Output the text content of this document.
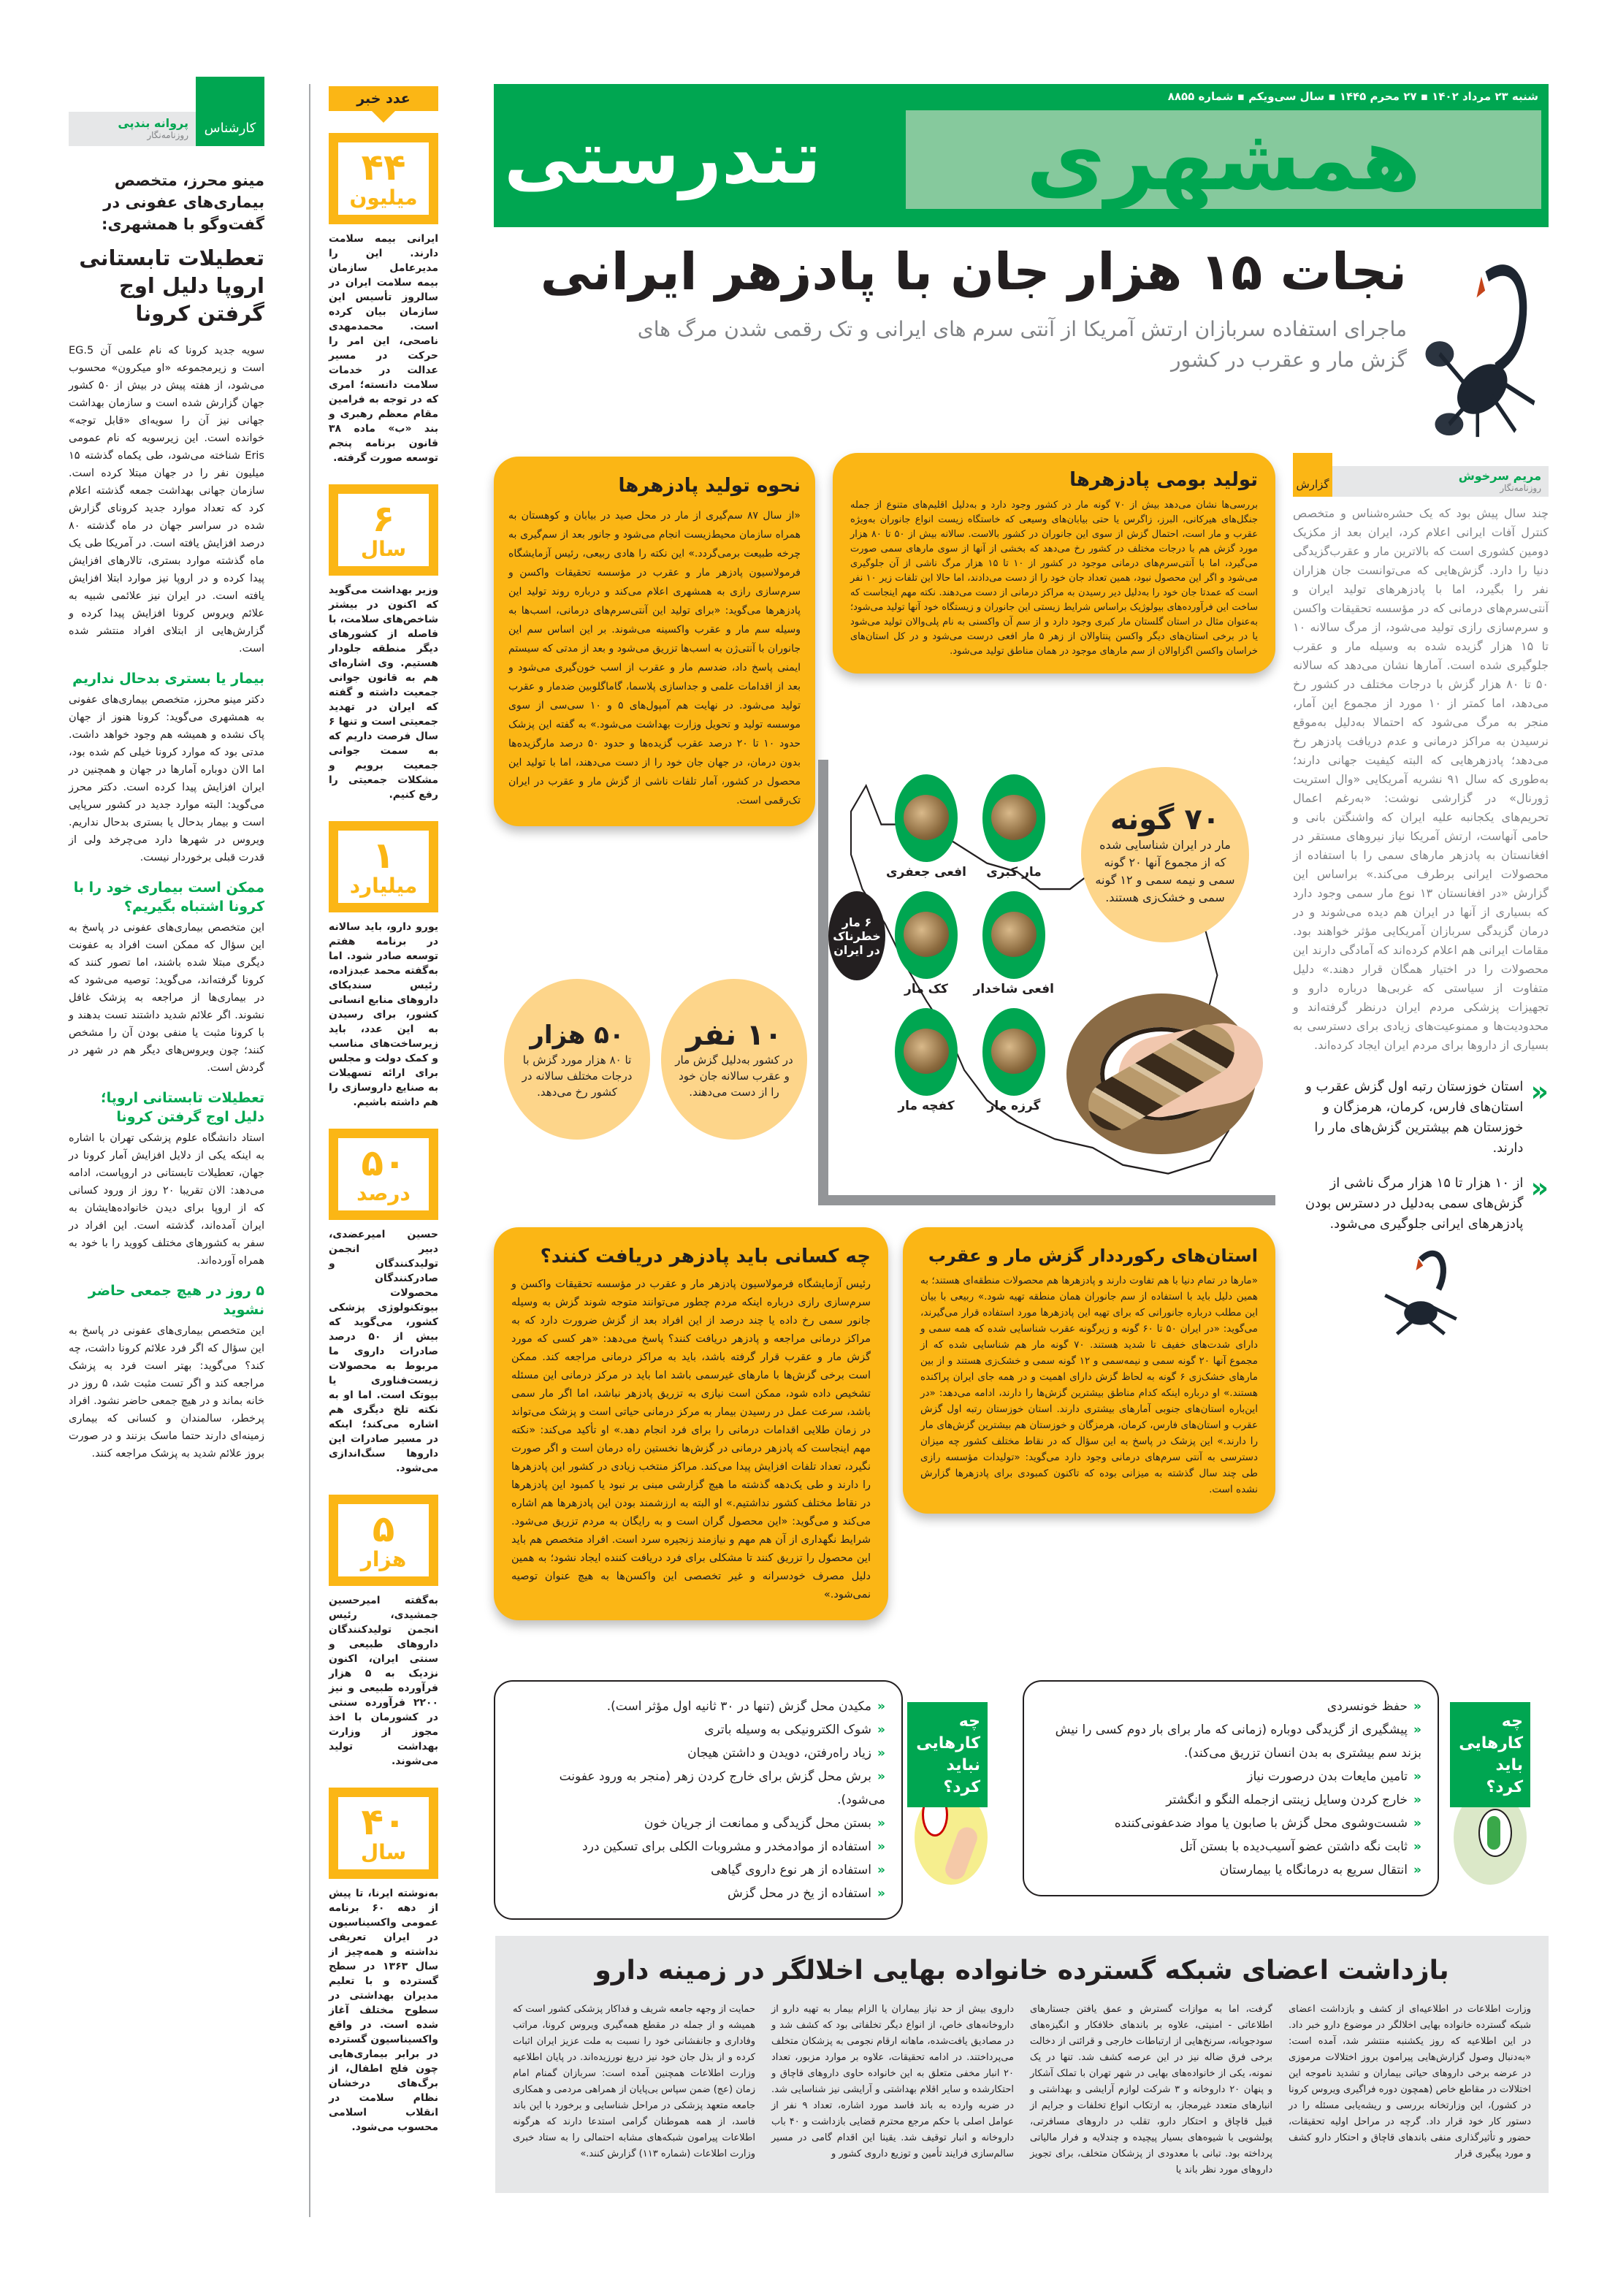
کارشناس
پروانه بندپی
روزنامه‌نگار
مینو محرز، متخصص بیماری‌های عفونی در گفت‌وگو با همشهری:
تعطیلات تابستانی اروپا دلیل اوج گرفتن کرونا

سویه جدید کرونا که نام علمی آن EG.5 است و زیرمجموعه «او میکرون» محسوب می‌شود، از هفته پیش در بیش از ۵۰ کشور جهان گزارش شده است و سازمان بهداشت جهانی نیز آن را سویه‌ای «قابل توجه» خوانده است. این زیرسویه که نام عمومی Eris شناخته می‌شود، طی یکماه گذشته ۱۵ میلیون نفر را در جهان مبتلا کرده است. سازمان جهانی بهداشت جمعه گذشته اعلام کرد که تعداد موارد جدید کرونای گزارش شده در سراسر جهان در ماه گذشته ۸۰ درصد افزایش یافته است. در آمریکا طی یک ماه گذشته موارد بستری، تالارهای افزایش پیدا کرده و در اروپا نیز موارد ابتلا افزایش یافته است. در ایران نیز علائمی شبیه به علائم ویروس کرونا افزایش پیدا کرده و گزارش‌هایی از ابتلای افراد منتشر شده است.

بیمار یا بستری بدحال نداریم

دکتر مینو محرز، متخصص بیماری‌های عفونی به همشهری می‌گوید: کرونا هنوز از جهان پاک نشده و همیشه هم وجود خواهد داشت. مدتی بود که موارد کرونا خیلی کم شده بود، اما الان دوباره آمارها در جهان و همچنین در ایران افزایش پیدا کرده است. دکتر محرز می‌گوید: البته موارد جدید در کشور سرپایی است و بیمار بدحال یا بستری بدحال نداریم. ویروس در شهرها دارد می‌چرخد ولی از قدرت قبلی برخوردار نیست.

ممکن است بیماری خود را با کرونا اشتباه بگیریم؟

این متخصص بیماری‌های عفونی در پاسخ به این سؤال که ممکن است افراد به عفونت دیگری مبتلا شده باشند، اما تصور کنند که کرونا گرفته‌اند، می‌گوید: توصیه می‌شود که در بیماری‌ها از مراجعه به پزشک غافل نشوند. اگر علائم شدید داشتند تست بدهند و با کرونا مثبت یا منفی بودن آن را مشخص کنند؛ چون ویروس‌های دیگر هم در شهر در گردش است.

تعطیلات تابستانی اروپا؛ دلیل اوج گرفتن کرونا

استاد دانشگاه علوم پزشکی تهران با اشاره به اینکه یکی از دلایل افزایش آمار کرونا در جهان، تعطیلات تابستانی در اروپاست، ادامه می‌دهد: الان تقریبا ۲۰ روز از ورود کسانی که از اروپا برای دیدن خانواده‌هایشان به ایران آمده‌اند، گذشته است. این افراد در سفر به کشورهای مختلف کووید را با خود به همراه آورده‌اند.

۵ روز در هیچ جمعی حاضر نشوید

این متخصص بیماری‌های عفونی در پاسخ به این سؤال که اگر فرد علائم کرونا داشت، چه کند؟ می‌گوید: بهتر است فرد به پزشک مراجعه کند و اگر تست مثبت شد، ۵ روز در خانه بماند و در هیچ جمعی حاضر نشود. افراد پرخطر، سالمندان و کسانی که بیماری زمینه‌ای دارند حتما ماسک بزنند و در صورت بروز علائم شدید به پزشک مراجعه کنند.

عدد خبر
۴۴
میلیون
ایرانی بیمه سلامت دارند. این را مدیرعامل سازمان بیمه سلامت ایران در سالروز تأسیس این سازمان بیان کرده است. محمدمهدی ناصحی، این امر را حرکت در مسیر عدالت در خدمات سلامت دانسته؛ امری که در توجه به فرامین مقام معظم رهبری و بند «ب» ماده ۳۸ قانون برنامه پنجم توسعه صورت گرفته.
۶
سال
وزیر بهداشت می‌گوید که اکنون در بیشتر شاخص‌های سلامت، با فاصله از کشورهای دیگر منطقه جلودار هستیم. وی اشاره‌ای هم به قانون جوانی جمعیت داشته و گفته که ایران در تهدید جمعیتی است و تنها ۶ سال فرصت داریم که به سمت جوانی جمعیت برویم و مشکلات جمعیتی را رفع کنیم.
۱
میلیارد
یورو دارو، باید سالانه در برنامه هفتم توسعه صادر شود. اما به‌گفته محمد عبدزاده، رئیس سندیکای داروهای منابع انسانی کشور، برای رسیدن به این عدد، باید زیرساخت‌های مناسب و کمک دولت و مجلس برای ارائه تسهیلات به صنایع داروسازی را هم داشته باشیم.
۵۰
درصد
حسین امیرعضدی، دبیر انجمن تولیدکنندگان و صادرکنندگان محصولات بیوتکنولوژی پزشکی کشور، می‌گوید که بیش از ۵۰ درصد صادرات داروی ما مربوط به محصولات زیست‌فناوری یا بیوتک است. اما او به نکته تلخ دیگری هم اشاره می‌کند؛ اینکه در مسیر صادرات این داروها سنگ‌اندازی می‌شود.
۵
هزار
به‌گفته امیرحسین جمشیدی، رئیس انجمن تولیدکنندگان داروهای طبیعی و سنتی ایران، اکنون نزدیک به ۵ هزار فرآورده طبیعی و نیز ۲۲۰۰ فرآورده سنتی در کشورمان با اخذ مجوز از وزارت بهداشت تولید می‌شوند.
۴۰
سال
به‌نوشته ایرنا، تا پیش از دهه ۶۰ برنامه عمومی واکسیناسیون در ایران تعریفی نداشته و همه‌چیز از سال ۱۳۶۳ در سطح گسترده و با تعلیم مدیران بهداشتی در سطوح مختلف آغاز شده است. در واقع واکسیناسیون گسترده در برابر بیماری‌هایی چون فلج اطفال، از برگ‌های درخشان نظام سلامت در انقلاب اسلامی محسوب می‌شود.
شنبه ۲۳ مرداد ۱۴۰۲ ▪ ۲۷ محرم ۱۴۴۵ ▪ سال سی‌ویکم ▪ شماره ۸۸۵۵
همشهری
تندرستی
نجات ۱۵ هزار جان با پادزهر ایرانی
ماجرای استفاده سربازان ارتش آمریکا از آنتی سرم های ایرانی و تک رقمی شدن مرگ های گزش مار و عقرب در کشور
مریم سرخوش
روزنامه‌نگار
گزارش
چند سال پیش بود که یک حشره‌شناس و متخصص کنترل آفات ایرانی اعلام کرد، ایران بعد از مکزیک دومین کشوری است که بالاترین مار و عقرب‌گزیدگی دنیا را دارد. گزش‌هایی که می‌توانست جان هزاران نفر را بگیرد، اما با پادزهرهای تولید ایران و آنتی‌سرم‌های درمانی که در مؤسسه تحقیقات واکسن و سرم‌سازی رازی تولید می‌شود، از مرگ سالانه ۱۰ تا ۱۵ هزار گزیده شده به وسیله مار و عقرب جلوگیری شده است. آمارها نشان می‌دهد که سالانه ۵۰ تا ۸۰ هزار گزش با درجات مختلف در کشور رخ می‌دهد، اما کمتر از ۱۰ مورد از مجموع این آمار، منجر به مرگ می‌شود که احتمالا به‌دلیل به‌موقع نرسیدن به مراکز درمانی و عدم دریافت پادزهر رخ می‌دهد؛ پادزهرهایی که البته کیفیت جهانی دارند؛ به‌طوری که سال ۹۱ نشریه آمریکایی «وال استریت ژورنال» در گزارشی نوشت: «به‌رغم اعمال تحریم‌های یکجانبه علیه ایران که واشنگتن بانی و حامی آنهاست، ارتش آمریکا نیاز نیروهای مستقر در افغانستان به پادزهر مارهای سمی را با استفاده از محصولات ایرانی برطرف می‌کند.» براساس این گزارش «در افغانستان ۱۳ نوع مار سمی وجود دارد که بسیاری از آنها در ایران هم دیده می‌شوند و در درمان گزیدگی سربازان آمریکایی مؤثر خواهند بود. مقامات ایرانی هم اعلام کرده‌اند که آمادگی دارند این محصولات را در اختیار همگان قرار دهند.» دلیل متفاوت از سیاستی که غربی‌ها درباره دارو و تجهیزات پزشکی مردم ایران درنظر گرفته‌اند و محدودیت‌ها و ممنوعیت‌های زیادی برای دسترسی به بسیاری از داروها برای مردم ایران ایجاد کرده‌اند.
«
استان خوزستان رتبه اول گزش عقرب و استان‌های فارس، کرمان، هرمزگان و خوزستان هم بیشترین گزش‌های مار را دارند.
«
از ۱۰ هزار تا ۱۵ هزار مرگ ناشی از گزش‌های سمی به‌دلیل در دسترس بودن پادزهرهای ایرانی جلوگیری می‌شود.
نحوه تولید پادزهرها

«از سال ۸۷ سم‌گیری از مار در محل صید در بیابان و کوهستان به همراه سازمان محیط‌زیست انجام می‌شود و جانور بعد از سم‌گیری به چرخه طبیعت برمی‌گردد.» این نکته را هادی ربیعی، رئیس آزمایشگاه فرمولاسیون پادزهر مار و عقرب در مؤسسه تحقیقات واکسن و سرم‌سازی رازی به همشهری اعلام می‌کند و درباره روند تولید این پادزهرها می‌گوید: «برای تولید این آنتی‌سرم‌های درمانی، اسب‌ها به وسیله سم مار و عقرب واکسینه می‌شوند. بر این اساس سم این جانوران با آنتی‌ژن به اسب‌ها تزریق می‌شود و بعد از مدتی که سیستم ایمنی پاسخ داد، ضدسم مار و عقرب از اسب خون‌گیری می‌شود و بعد از اقدامات علمی و جداسازی پلاسما، گاماگلوبین ضدمار و عقرب تولید می‌شود. در نهایت هم آمپول‌های ۵ و ۱۰ سی‌سی از سوی موسسه تولید و تحویل وزارت بهداشت می‌شود.» به گفته این پزشک حدود ۱۰ تا ۲۰ درصد عقرب گزیده‌ها و حدود ۵۰ درصد مارگزیده‌ها بدون درمان، در جهان جان خود را از دست می‌دهند، اما با تولید این محصول در کشور، آمار تلفات ناشی از گزش مار و عقرب در ایران تک‌رقمی است.

تولید بومی پادزهرها

بررسی‌ها نشان می‌دهد بیش از ۷۰ گونه مار در کشور وجود دارد و به‌دلیل اقلیم‌های متنوع از جمله جنگل‌های هیرکانی، البرز، زاگرس یا حتی بیابان‌های وسیعی که خاستگاه زیست انواع جانوران به‌ویژه عقرب و مار است، احتمال گزش از سوی این جانوران در کشور بالاست. سالانه بیش از ۵۰ تا ۸۰ هزار مورد گزش هم با درجات مختلف در کشور رخ می‌دهد که بخشی از آنها از سوی مارهای سمی صورت می‌گیرد، اما با آنتی‌سرم‌های درمانی موجود در کشور از ۱۰ تا ۱۵ هزار مرگ ناشی از آن جلوگیری می‌شود و اگر این محصول نبود، همین تعداد جان خود را از دست می‌دادند، اما حالا این تلفات زیر ۱۰ نفر است که عمدتا جان خود را به‌دلیل دیر رسیدن به مراکز درمانی از دست می‌دهند. نکته مهم اینجاست که ساخت این فرآورده‌های بیولوژیک براساس شرایط زیستی این جانوران و زیستگاه خود آنها تولید می‌شود؛ به‌عنوان مثال در استان گلستان مار کبری وجود دارد و از سم آن واکسنی به نام پلی‌والان تولید می‌شود یا در برخی استان‌های دیگر واکسن پنتاوالان از زهر ۵ مار افعی درست می‌شود و در کل استان‌های خراسان واکسن اگزاوالان از سم مارهای موجود در همان مناطق تولید می‌شود.

۶ مار خطرناک در ایران
افعی جعفری	مار کبری
کک مار	افعی شاخدار
کفچه مار	گرزه مار
۷۰ گونه
مار در ایران شناسایی شده که از مجموع آنها ۲۰ گونه سمی و نیمه سمی و ۱۲ گونه سمی و خشک‌زی هستند.
۵۰ هزار
تا ۸۰ هزار مورد گزش با درجات مختلف سالانه در کشور رخ می‌دهد.
۱۰ نفر
در کشور به‌دلیل گزش مار و عقرب سالانه جان خود را از دست می‌دهند.
چه کسانی باید پادزهر دریافت کنند؟

رئیس آزمایشگاه فرمولاسیون پادزهر مار و عقرب در مؤسسه تحقیقات واکسن و سرم‌سازی رازی درباره اینکه مردم چطور می‌توانند متوجه شوند گزش به وسیله جانور سمی رخ داده یا چند درصد از این افراد بعد از گزش ضرورت دارد که به مراکز درمانی مراجعه و پادزهر دریافت کنند؟ پاسخ می‌دهد: «هر کسی که مورد گزش مار و عقرب قرار گرفته باشد، باید به مراکز درمانی مراجعه کند. ممکن است برخی گزش‌ها با مارهای غیرسمی باشد اما باید در مرکز درمانی این مسئله تشخیص داده شود، ممکن است نیازی به تزریق پادزهر نباشد، اما اگر مار سمی باشد، سرعت عمل در رسیدن بیمار به مرکز درمانی حیاتی است و پزشک می‌تواند در زمان طلایی اقدامات درمانی را برای فرد انجام دهد.» او تأکید می‌کند: «نکته مهم اینجاست که پادزهر درمانی در گزش‌ها نخستین راه درمان است و اگر صورت نگیرد، تعداد تلفات افزایش پیدا می‌کند. مراکز منتخب زیادی در کشور این پادزهرها را دارند و طی یک‌دهه گذشته ما هیچ گزارشی مبنی بر نبود یا کمبود این پادزهرها در نقاط مختلف کشور نداشتیم.» او البته به ارزشمند بودن این پادزهرها هم اشاره می‌کند و می‌گوید: «این محصول گران است و به رایگان به مردم تزریق می‌شود. شرایط نگهداری از آن هم مهم و نیازمند زنجیره سرد است. افراد متخصص هم باید این محصول را تزریق کنند تا مشکلی برای فرد دریافت کننده ایجاد نشود؛ به همین دلیل مصرف خودسرانه و غیر تخصصی این واکسن‌ها به هیچ عنوان توصیه نمی‌شود.»

استان‌های رکورددار گزش مار و عقرب

«مارها در تمام دنیا با هم تفاوت دارند و پادزهرها هم محصولات منطقه‌ای هستند؛ به همین دلیل باید با استفاده از سم جانوران همان منطقه تهیه شود.» ربیعی با بیان این مطلب درباره جانورانی که برای تهیه این پادزهرها مورد استفاده قرار می‌گیرند، می‌گوید: «در ایران ۵۰ تا ۶۰ گونه و زیرگونه عقرب شناسایی شده که همه سمی و دارای شدت‌های خفیف تا شدید هستند. ۷۰ گونه مار هم شناسایی شده که از مجموع آنها ۲۰ گونه سمی و نیمه‌سمی و ۱۲ گونه سمی و خشک‌زی هستند و از بین مارهای خشک‌زی ۶ گونه به لحاظ گزش دارای اهمیت و در همه جای ایران پراکنده هستند.» او درباره اینکه کدام مناطق بیشترین گزش‌ها را دارند، ادامه می‌دهد: «در این‌باره استان‌های جنوبی آمارهای بیشتری دارند. استان خوزستان رتبه اول گزش عقرب و استان‌های فارس، کرمان، هرمزگان و خوزستان هم بیشترین گزش‌های مار را دارند.» این پزشک در پاسخ به این سؤال که در نقاط مختلف کشور چه میزان دسترسی به آنتی سرم‌های درمانی وجود دارد می‌گوید: «تولیدات مؤسسه رازی طی چند سال گذشته به میزانی بوده که تاکنون کمبودی برای پادزهرها گزارش نشده است.

«مکیدن محل گزش (تنها در ۳۰ ثانیه اول مؤثر است).
«شوک الکترونیکی به وسیله باتری
«زیاد راه‌رفتن، دویدن و داشتن هیجان
«برش محل گزش برای خارج کردن زهر (منجر به ورود عفونت می‌شود).
«بستن محل گزیدگی و ممانعت از جریان خون
«استفاده از موادمخدر و مشروبات الکلی برای تسکین درد
«استفاده از هر نوع داروی گیاهی
«استفاده از یخ در محل گزش
چه کارهایی نباید کرد؟
«حفظ خونسردی
«پیشگیری از گزیدگی دوباره (زمانی که مار برای بار دوم کسی را نیش بزند سم بیشتری به بدن انسان تزریق می‌کند).
«تامین مایعات بدن درصورت نیاز
«خارج کردن وسایل زینتی ازجمله النگو و انگشتر
«شست‌وشوی محل گزش با صابون یا مواد ضدعفونی‌کننده
«ثابت نگه داشتن عضو آسیب‌دیده با بستن آتل
«انتقال سریع به درمانگاه یا بیمارستان
چه کارهایی باید کرد؟
بازداشت اعضای شبکه گسترده خانواده بهایی اخلالگر در زمینه دارو

وزارت اطلاعات در اطلاعیه‌ای از کشف و بازداشت اعضای شبکه گسترده خانواده بهایی اخلالگر در موضوع دارو خبر داد. در این اطلاعیه که روز یکشنبه منتشر شد، آمده است: «به‌دنبال وصول گزارش‌هایی پیرامون بروز اختلالات مرموزی در عرضه برخی داروهای حیاتی بیماران و تشدید ناموجه این اختلالات در مقاطع خاص (همچون دوره فراگیری ویروس کرونا در کشور)، این وزارتخانه بررسی و ریشه‌یابی مسئله را در دستور کار خود قرار داد. گرچه در مراحل اولیه تحقیقات، حضور و تأثیرگذاری منفی باندهای قاچاق و احتکار دارو کشف و مورد پیگیری قرار

گرفت، اما به موازات گسترش و عمق یافتن جستارهای اطلاعاتی - امنیتی، علاوه بر باندهای خلافکار و انگیزه‌های سودجویانه، سرنخ‌هایی از ارتباطات خارجی و قرائنی از دخالت برخی فرق ضاله نیز در این عرصه کشف شد. تنها در یک نمونه، یکی از خانواده‌های بهایی در شهر تهران با تملک آشکار و پنهان ۲۰ داروخانه و ۳ شرکت لوازم آرایشی و بهداشتی و انبارهای متعدد غیرمجاز، به ارتکاب انواع تخلفات و جرایم از قبیل قاچاق و احتکار دارو، تقلب در داروهای مسافرتی، پولشویی با شیوه‌های بسیار پیچیده و چندلایه و فرار مالیاتی پرداخته بود. تبانی با معدودی از پزشکان متخلف، برای تجویز داروهای مورد نظر باند یا

داروی بیش از حد نیاز بیماران یا الزام بیمار به تهیه دارو از داروخانه‌های خاص، از انواع دیگر تخلفاتی بود که کشف شد و در مصادیق یافت‌شده، ماهانه ارقام نجومی به پزشکان متخلف می‌پرداختند. در ادامه تحقیقات، علاوه بر موارد مزبور، تعداد ۲۰ انبار مخفی متعلق به این خانواده حاوی داروهای قاچاق و احتکارشده و سایر اقلام بهداشتی و آرایشی نیز شناسایی شد. در ضربه وارده به باند فاسد مورد اشاره، تعداد ۹ نفر از عوامل اصلی با حکم مرجع محترم قضایی بازداشت و ۴۰ باب داروخانه و انبار توقیف شد. یقینا این اقدام گامی در مسیر سالم‌سازی فرایند تأمین و توزیع داروی کشور و

حمایت از وجهه جامعه شریف و فداکار پزشکی کشور است که همیشه و از جمله در مقطع همه‌گیری ویروس کرونا، مراتب وفاداری و جانفشانی خود را نسبت به ملت عزیز ایران اثبات کرده و از بذل جان خود نیز دریغ نورزیده‌اند. در پایان اطلاعیه وزارت اطلاعات همچنین آمده است: سربازان گمنام امام زمان (عج) ضمن سپاس بی‌پایان از همراهی مردمی و همکاری جامعه متعهد پزشکی در مراحل شناسایی و برخورد با این باند فاسد، از همه هموطنان گرامی استدعا دارند که هرگونه اطلاعات پیرامون شبکه‌های مشابه احتمالی را به ستاد خبری وزارت اطلاعات (شماره ۱۱۳) گزارش کنند.»
